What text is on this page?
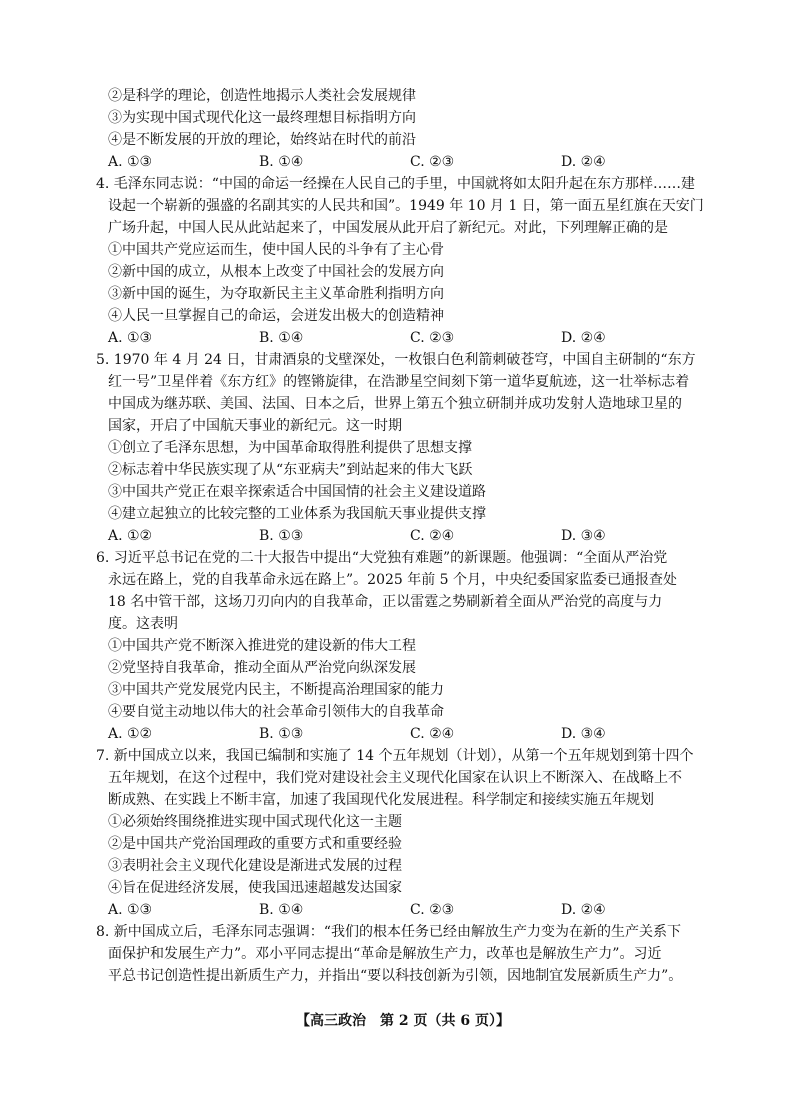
②是科学的理论，创造性地揭示人类社会发展规律
③为实现中国式现代化这一最终理想目标指明方向
④是不断发展的开放的理论，始终站在时代的前沿
A. ①③	B. ①④	C. ②③	D. ②④
4. 毛泽东同志说：“中国的命运一经操在人民自己的手里，中国就将如太阳升起在东方那样……建
设起一个崭新的强盛的名副其实的人民共和国”。1949 年 10 月 1 日，第一面五星红旗在天安门
广场升起，中国人民从此站起来了，中国发展从此开启了新纪元。对此，下列理解正确的是
①中国共产党应运而生，使中国人民的斗争有了主心骨
②新中国的成立，从根本上改变了中国社会的发展方向
③新中国的诞生，为夺取新民主主义革命胜利指明方向
④人民一旦掌握自己的命运，会迸发出极大的创造精神
A. ①③	B. ①④	C. ②③	D. ②④
5. 1970 年 4 月 24 日，甘肃酒泉的戈壁深处，一枚银白色利箭刺破苍穹，中国自主研制的“东方
红一号”卫星伴着《东方红》的铿锵旋律，在浩渺星空间刻下第一道华夏航迹，这一壮举标志着
中国成为继苏联、美国、法国、日本之后，世界上第五个独立研制并成功发射人造地球卫星的
国家，开启了中国航天事业的新纪元。这一时期
①创立了毛泽东思想，为中国革命取得胜利提供了思想支撑
②标志着中华民族实现了从“东亚病夫”到站起来的伟大飞跃
③中国共产党正在艰辛探索适合中国国情的社会主义建设道路
④建立起独立的比较完整的工业体系为我国航天事业提供支撑
A. ①②	B. ①③	C. ②④	D. ③④
6. 习近平总书记在党的二十大报告中提出“大党独有难题”的新课题。他强调：“全面从严治党
永远在路上，党的自我革命永远在路上”。2025 年前 5 个月，中央纪委国家监委已通报查处
18 名中管干部，这场刀刃向内的自我革命，正以雷霆之势刷新着全面从严治党的高度与力
度。这表明
①中国共产党不断深入推进党的建设新的伟大工程
②党坚持自我革命，推动全面从严治党向纵深发展
③中国共产党发展党内民主，不断提高治理国家的能力
④要自觉主动地以伟大的社会革命引领伟大的自我革命
A. ①②	B. ①③	C. ②④	D. ③④
7. 新中国成立以来，我国已编制和实施了 14 个五年规划（计划），从第一个五年规划到第十四个
五年规划，在这个过程中，我们党对建设社会主义现代化国家在认识上不断深入、在战略上不
断成熟、在实践上不断丰富，加速了我国现代化发展进程。科学制定和接续实施五年规划
①必须始终围绕推进实现中国式现代化这一主题
②是中国共产党治国理政的重要方式和重要经验
③表明社会主义现代化建设是渐进式发展的过程
④旨在促进经济发展，使我国迅速超越发达国家
A. ①③	B. ①④	C. ②③	D. ②④
8. 新中国成立后，毛泽东同志强调：“我们的根本任务已经由解放生产力变为在新的生产关系下
面保护和发展生产力”。邓小平同志提出“革命是解放生产力，改革也是解放生产力”。习近
平总书记创造性提出新质生产力，并指出“要以科技创新为引领，因地制宜发展新质生产力”。
【高三政治　第 2 页（共 6 页）】
